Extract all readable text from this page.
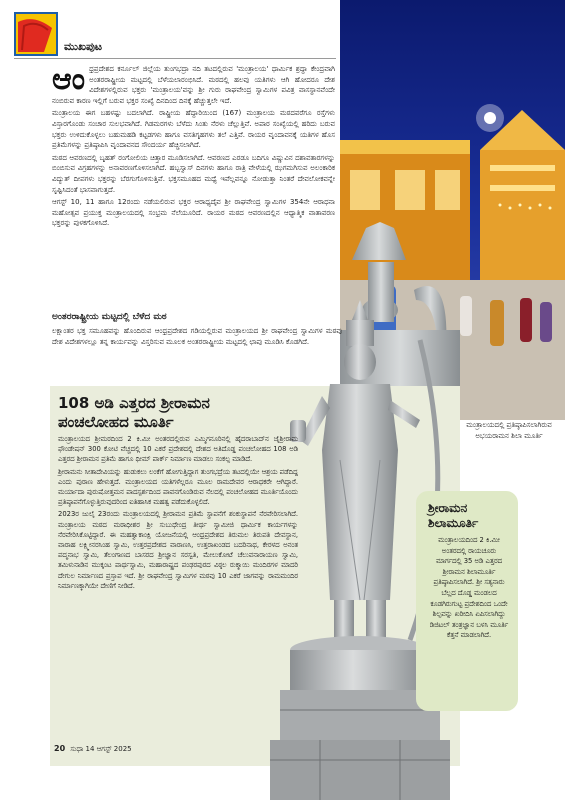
ಮುಖಪುಟ
ಆಂ ಧ್ರಪ್ರದೇಶದ ಕರ್ನೂಲ್ ಜಿಲ್ಲೆಯ ತುಂಗಭದ್ರಾ ನದಿ ತಟದಲ್ಲಿರುವ 'ಮಂತ್ರಾಲಯ' ಧಾರ್ಮಿಕ ಶ್ರದ್ಧಾ ಕೇಂದ್ರವಾಗಿ ಅಂತರರಾಷ್ಟ್ರೀಯ ಮಟ್ಟದಲ್ಲಿ ಬೆಳೆಯಲಾರಂಭಿಸಿದೆ. ಮಠದಲ್ಲಿ ಹಲವು ಯತಿಗಳು ಆಗಿ ಹೋದರೂ ದೇಶ ವಿದೇಶಗಳಲ್ಲಿರುವ ಭಕ್ತರು 'ಮಂತ್ರಾಲಯ'ವನ್ನು ಶ್ರೀ ಗುರು ರಾಘವೇಂದ್ರ ಸ್ವಾಮಿಗಳ ಪವಿತ್ರ ವಾಸಸ್ಥಾನವೆಂದೇ ನಂಬಿರುವ ಕಾರಣ ಇಲ್ಲಿಗೆ ಬರುವ ಭಕ್ತರ ಸಂಖ್ಯೆ ದಿನದಿಂದ ದಿನಕ್ಕೆ ಹೆಚ್ಚುತ್ತಲೇ ಇದೆ.

ಮಂತ್ರಾಲಯ ಈಗ ಬಹಳಷ್ಟು ಬದಲಾಗಿದೆ. ರಾಷ್ಟ್ರೀಯ ಹೆದ್ದಾರಿಯಿಂದ (167) ಮಂತ್ರಾಲಯ ಮಠದವರೆಗೂ ರಸ್ತೆಗಳು ವಿಸ್ತಾರಗೊಂಡು ಸಂಚಾರ ಸುಲಭವಾಗಿದೆ. ಗಿಡಮರಗಳು ಬೆಳೆದು ಸಿಂತು ನೆರಳು ಚೆಲ್ಲುತ್ತಿವೆ. ಅಪಾರ ಸಂಖ್ಯೆಯಲ್ಲಿ ಹರಿದು ಬರುವ ಭಕ್ತರು ಉಳಿದುಕೊಳ್ಳಲು ಬಹುಮಹಡಿ ಕಟ್ಟಡಗಳು ಹಾಗೂ ವಸತಿಗೃಹಗಳು ತಲೆ ಎತ್ತಿವೆ. ರಾಯರ ವೃಂದಾವನಕ್ಕೆ ಯತಿಗಳ ಹೊಸ ಪ್ರತಿಮೆಗಳನ್ನು ಪ್ರತಿಷ್ಠಾಪಿಸಿ ವೃಂದಾವನದ ಸೌಂದರ್ಯ ಹೆಚ್ಚಿಸಲಾಗಿದೆ.

ಮಠದ ಆವರಣದಲ್ಲಿ ಬೃಹತ್ ರಂಗೋಲಿಯ ಚಿತ್ತಾರ ಮೂಡಿಸಲಾಗಿದೆ. ಆವರಣದ ಎರಡೂ ಬದಿಗೂ ವಿಷ್ಣುವಿನ ದಶಾವತಾರಗಳನ್ನು ಬಿಂಬಿಸುವ ವಿಗ್ರಹಗಳನ್ನು ಅನಾವರಣಗೊಳಿಸಲಾಗಿದೆ. ಹಬ್ಬಸ್ವಾಸ್ ದಿನಗಳು ಹಾಗೂ ರಾತ್ರಿ ವೇಳೆಯಲ್ಲಿ ಝಗಮಗಿಸುವ ಅಲಂಕಾರಿಕ ವಿದ್ಯುತ್ ದೀಪಗಳು ಭಕ್ತರನ್ನು ಬೆರಗುಗೊಳಿಸುತ್ತಿವೆ. ಭಕ್ತಸಮೂಹದ ಮಧ್ಯೆ ಇವೆಲ್ಲವನ್ನೂ ನೋಡುತ್ತಾ ನಿಂತರೆ ದೇವಲೋಕವನ್ನೇ ಸೃಷ್ಟಿಸಿದಂತೆ ಭಾಸವಾಗುತ್ತದೆ.

ಆಗಸ್ಟ್ 10, 11 ಹಾಗೂ 12ರಂದು ನಡೆಯಲಿರುವ ಭಕ್ತರ ಆರಾಧ್ಯದೈವ ಶ್ರೀ ರಾಘವೇಂದ್ರ ಸ್ವಾಮಿಗಳ 354ನೇ ಆರಾಧನಾ ಮಹೋತ್ಸವ ಪ್ರಯುಕ್ತ ಮಂತ್ರಾಲಯದಲ್ಲಿ ಸಂಭ್ರಮ ನೆಲೆಯೂರಿದೆ. ರಾಯರ ಮಠದ ಆವರಣದಲ್ಲಿನ ಆಧ್ಯಾತ್ಮಿಕ ವಾತಾವರಣ ಭಕ್ತರನ್ನು ಪುಳಕಗೊಳಿಸಿದೆ.

ಅಂತರರಾಷ್ಟ್ರೀಯ ಮಟ್ಟದಲ್ಲಿ ಬೆಳೆದ ಮಠ

ಲಕ್ಷಾಂತರ ಭಕ್ತ ಸಮೂಹವನ್ನು ಹೊಂದಿರುವ ಆಂಧ್ರಪ್ರದೇಶದ ಗಡಿಯಲ್ಲಿರುವ ಮಂತ್ರಾಲಯದ ಶ್ರೀ ರಾಘವೇಂದ್ರ ಸ್ವಾಮಿಗಳ ಮಠವು ದೇಶ ವಿದೇಶಗಳಲ್ಲೂ ತನ್ನ ಕಾರ್ಯವನ್ನು ವಿಸ್ತರಿಸುವ ಮೂಲಕ ಅಂತರರಾಷ್ಟ್ರೀಯ ಮಟ್ಟದಲ್ಲಿ ಛಾಪು ಮೂಡಿಸಿ ಕೊಡಗಿದೆ.

108 ಅಡಿ ಎತ್ತರದ ಶ್ರೀರಾಮನ
ಪಂಚಲೋಹದ ಮೂರ್ತಿ

ಮಂತ್ರಾಲಯದ ಶ್ರೀಮಠದಿಂದ 2 ಕಿ.ಮೀ ಅಂತರದಲ್ಲಿರುವ ಎಮ್ಮಿಗನೂರಿನಲ್ಲಿ ಹೈದರಾಬಾದ್‌ನ ಜೈಶ್ರೀರಾಮ ಫೌಂಡೇಷನ್ 300 ಕೋಟಿ ವೆಚ್ಚದಲ್ಲಿ 10 ಎಕರೆ ಪ್ರದೇಶದಲ್ಲಿ ದೇಶದ ಅತಿದೊಡ್ಡ ಪಂಚಲೋಹದ 108 ಅಡಿ ಎತ್ತರದ ಶ್ರೀರಾಮನ ಪ್ರತಿಮೆ ಹಾಗೂ ಥೀಮ್ ಪಾರ್ಕ್ ನಿರ್ಮಾಣ ಮಾಡಲು ಸಂಕಲ್ಪ ಮಾಡಿದೆ.

ಶ್ರೀರಾಮನು ಸೀತಾದೇವಿಯನ್ನು ಹುಡುಕಲು ಲಂಕೆಗೆ ಹೋಗುತ್ತಿದ್ದಾಗ ತುಂಗಭದ್ರೆಯ ತಟದಲ್ಲಿಯೇ ಆಶ್ರಯ ಪಡೆದಿದ್ದ ಎಂದು ಪುರಾಣ ಹೇಳುತ್ತದೆ. ಮಂತ್ರಾಲಯದ ಯತಿಗಳೆಲ್ಲರೂ ಮೂಲ ರಾಮದೇವರ ಆರಾಧಕರೇ ಆಗಿದ್ದಾರೆ. ಮರ್ಯಾದಾ ಪುರುಷೋತ್ತಮನ ಪಾದಸ್ಪರ್ಶದಿಂದ ಪಾವನಗೊಂಡಿರುವ ನೆಲದಲ್ಲಿ ಪಂಚಲೋಹದ ಮೂರ್ತಿಯೊಂದು ಪ್ರತಿಷ್ಠಾಪನೆಗೊಳ್ಳುತ್ತಿರುವುದರಿಂದ ಐತಿಹಾಸಿಕ ಮಹತ್ವ ಪಡೆದುಕೊಳ್ಳಲಿದೆ.

2023ರ ಜುಲೈ 23ರಂದು ಮಂತ್ರಾಲಯದಲ್ಲಿ ಶ್ರೀರಾಮನ ಪ್ರತಿಮೆ ಸ್ಥಾಪನೆಗೆ ಶಂಕುಸ್ಥಾಪನೆ ನೆರವೇರಿಸಲಾಗಿದೆ. ಮಂತ್ರಾಲಯ ಮಠದ ಮಠಾಧೀಶರ ಶ್ರೀ ಸುಬುಧೇಂದ್ರ ತೀರ್ಥ ಸ್ವಾಮೀಜಿ ಧಾರ್ಮಿಕ ಕಾರ್ಯಗಳನ್ನು ನೆರವೇರಿಸಿಕೊಟ್ಟಿದ್ದಾರೆ. ಈ ಮಹತ್ವಾಕಾಂಕ್ಷಿ ಯೋಜನೆಯಲ್ಲಿ ಆಂಧ್ರಪ್ರದೇಶದ ತಿರುಮಲ ತಿರುಪತಿ ದೇವಸ್ಥಾನ, ವಾರಾಹ ಲಕ್ಷ್ಮೀನರಸಿಂಹ ಸ್ವಾಮಿ, ಉತ್ತರಪ್ರದೇಶದ ವಾರಾಣಸಿ, ಉತ್ತರಾಖಂಡದ ಬದರಿನಾಥ, ಕೇರಳದ ಅನಂತ ಪದ್ಮನಾಭ ಸ್ವಾಮಿ, ತೆಲಂಗಾಣದ ಬಾಸರದ ಶ್ರೀಜ್ಞಾನ ಸರಸ್ವತಿ, ಮೇಲುಕೋಟೆ ಚೆಲುವನಾರಾಯಣ ಸ್ವಾಮಿ, ತಮಿಳುನಾಡಿನ ಮುಕ್ಕಂಟ ಪಾರ್ಥಸ್ವಾಮಿ, ಮಹಾರಾಷ್ಟ್ರದ ಪಂಢರಪುರದ ವಿಠ್ಠಲ ರುಕ್ಮಾಯಿ ಮಂದಿರಗಳ ಮಾದರಿ ದೇಗುಲ ನಿರ್ಮಾಣದ ಪ್ರಸ್ತಾಪ ಇದೆ. ಶ್ರೀ ರಾಘವೇಂದ್ರ ಸ್ವಾಮಿಗಳ ಮಠವು 10 ಎಕರೆ ಜಾಗವನ್ನು ರಾಮಮಂದಿರ ನಿರ್ಮಾಣಕ್ಕಾಗಿಯೇ ದೇಣಿಗೆ ನೀಡಿದೆ.

ಮಂತ್ರಾಲಯದಲ್ಲಿ ಪ್ರತಿಷ್ಠಾಪಿಸಲಾಗಿರುವ ಅಭಯರಾಮನ ಶಿಲಾ ಮೂರ್ತಿ
ಶ್ರೀರಾಮನ
ಶಿಲಾಮೂರ್ತಿ
ಮಂತ್ರಾಲಯದಿಂದ 2 ಕಿ.ಮೀ ಅಂತರದಲ್ಲಿ ರಾಯಚೂರು ಮಾರ್ಗದಲ್ಲಿ 35 ಅಡಿ ಎತ್ತರದ ಶ್ರೀರಾಮನ ಶಿಲಾಮೂರ್ತಿ ಪ್ರತಿಷ್ಠಾಪಿಸಲಾಗಿದೆ. ಶ್ರೀ ಸತ್ಯನಾರು ಬೆಲ್ಲದ ದೊಡ್ಡ ಮಂಡಲದ ಕೂಡಗಿರುಗುಟ್ಟ ಪ್ರದೇಶದಿಂದ ಒಂದೇ ಶಿಲ್ಪವನ್ನು ಖರೀದಿಸಿ ಏಪಿಸಲಾಗಿದ್ದು ಡಿಜಿಟಲ್ ತಂತ್ರಜ್ಞಾನ ಬಳಸಿ ಮೂರ್ತಿ ಕೆತ್ತನೆ ಮಾಡಲಾಗಿದೆ.
20 ಸುಧಾ 14 ಆಗಸ್ಟ್ 2025
